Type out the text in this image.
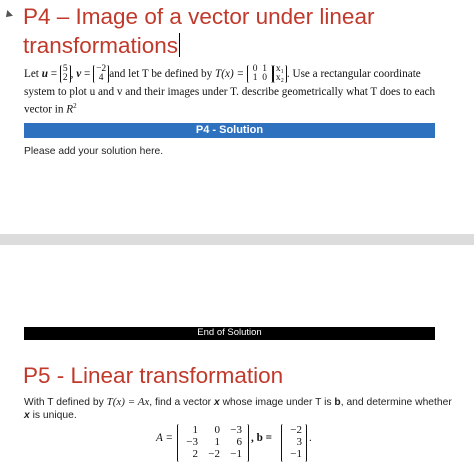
P4 – Image of a vector under linear
transformations
Let
u
=
5
2 ,
v
=
−2
4 and let T be defined by
T(x) =
0 1
1 0
x₁
x₂ . Use a rectangular coordinate
system to plot u and v and their images under T. describe geometrically what T does to each
vector in $R^2$
P4 - Solution
Please add your solution here.
End of Solution
P5 - Linear transformation
With T defined by T(x) = Ax, find a vector x whose image under T is b, and determine whether
x is unique.
A =
1	0 −3
−3	1	6
2 −2 −1
, b =
−2
3
−1
.
